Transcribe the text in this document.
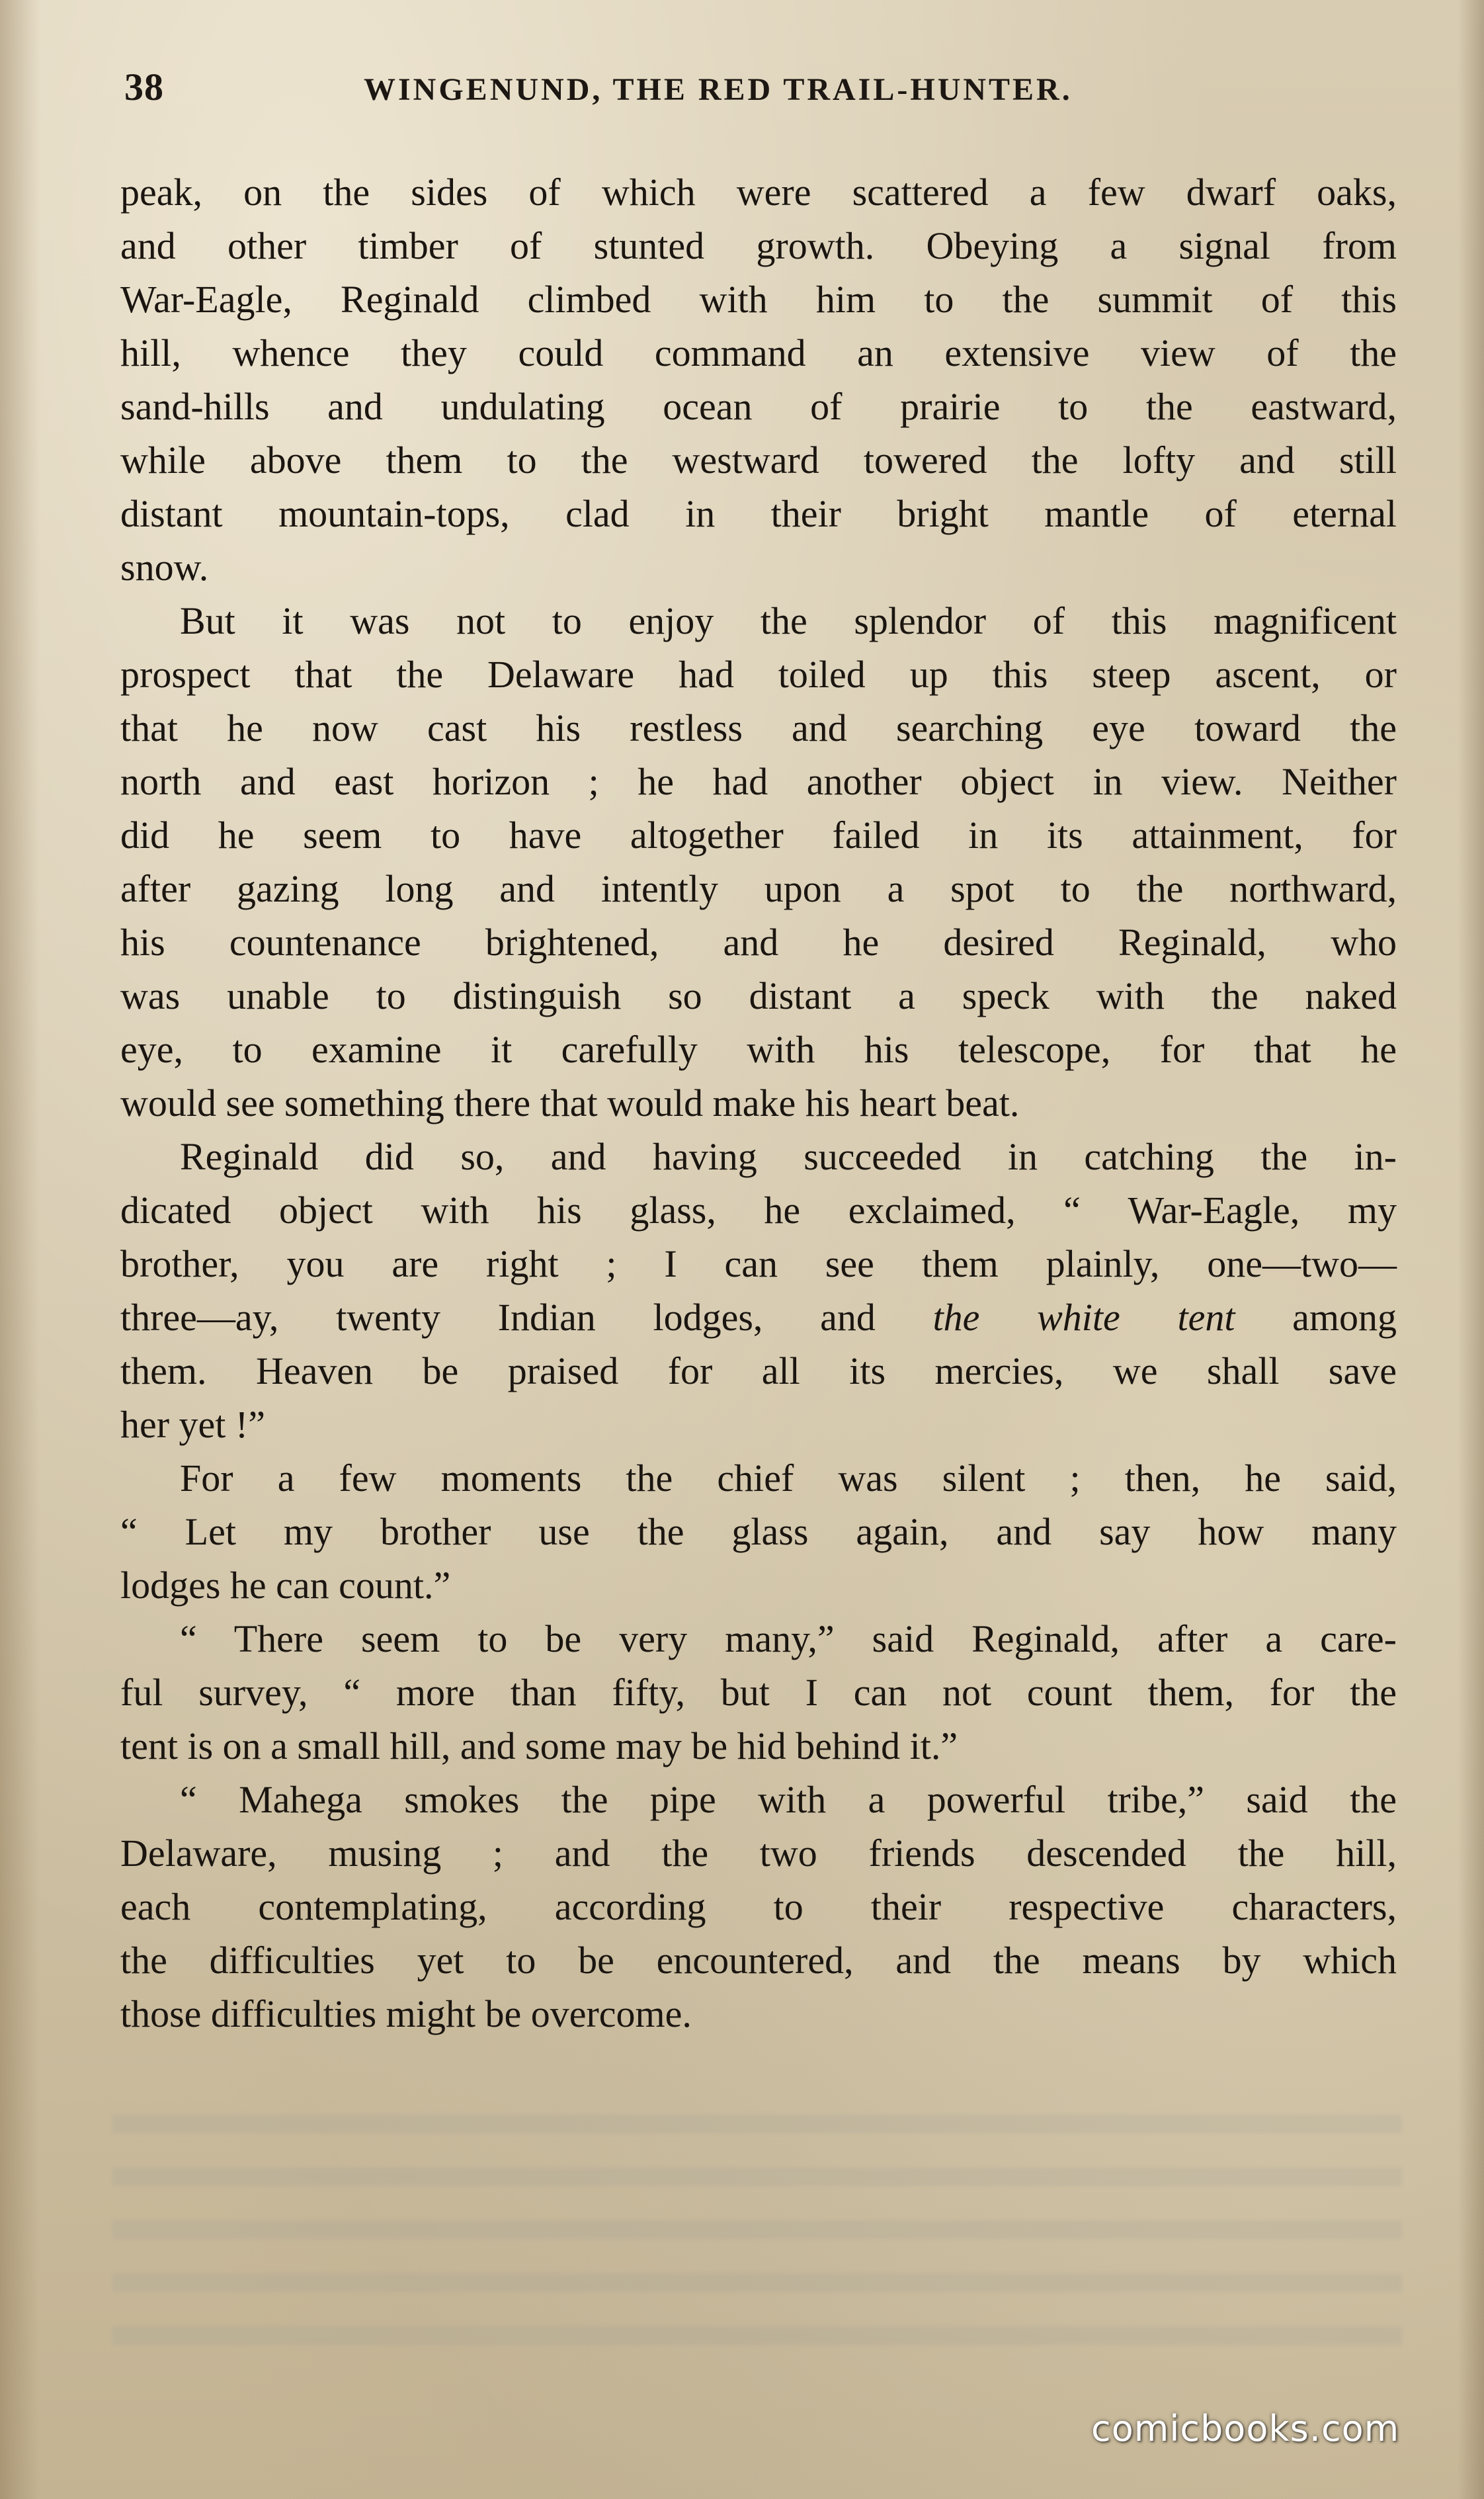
38	WINGENUND, THE RED TRAIL-HUNTER.
peak, on the sides of which were scattered a few dwarf oaks,
and other timber of stunted growth. Obeying a signal from
War-Eagle, Reginald climbed with him to the summit of this
hill, whence they could command an extensive view of the
sand-hills and undulating ocean of prairie to the eastward,
while above them to the westward towered the lofty and still
distant mountain-tops, clad in their bright mantle of eternal
snow.
But it was not to enjoy the splendor of this magnificent
prospect that the Delaware had toiled up this steep ascent, or
that he now cast his restless and searching eye toward the
north and east horizon ; he had another object in view. Neither
did he seem to have altogether failed in its attainment, for
after gazing long and intently upon a spot to the northward,
his countenance brightened, and he desired Reginald, who
was unable to distinguish so distant a speck with the naked
eye, to examine it carefully with his telescope, for that he
would see something there that would make his heart beat.
Reginald did so, and having succeeded in catching the in-
dicated object with his glass, he exclaimed, “ War-Eagle, my
brother, you are right ; I can see them plainly, one—two—
three—ay, twenty Indian lodges, and the white tent among
them. Heaven be praised for all its mercies, we shall save
her yet !”
For a few moments the chief was silent ; then, he said,
“ Let my brother use the glass again, and say how many
lodges he can count.”
“ There seem to be very many,” said Reginald, after a care-
ful survey, “ more than fifty, but I can not count them, for the
tent is on a small hill, and some may be hid behind it.”
“ Mahega smokes the pipe with a powerful tribe,” said the
Delaware, musing ; and the two friends descended the hill,
each contemplating, according to their respective characters,
the difficulties yet to be encountered, and the means by which
those difficulties might be overcome.
comicbooks.com
